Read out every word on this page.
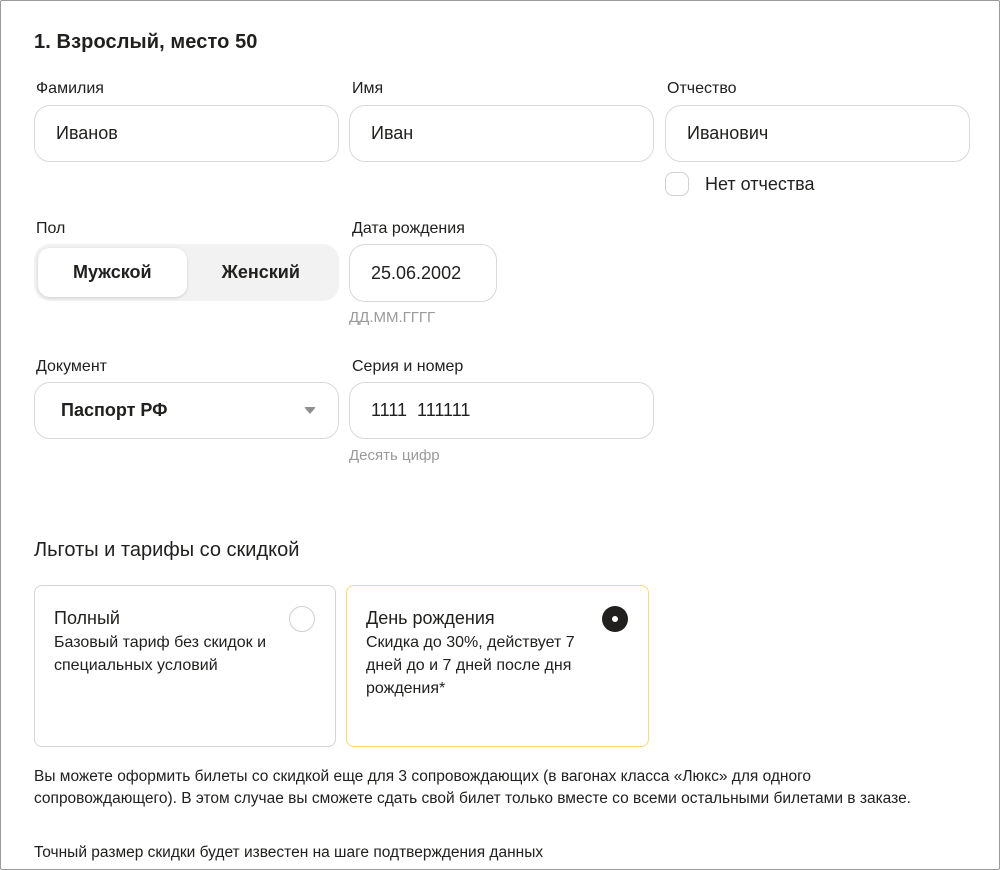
1. Взрослый, место 50
Фамилия
Иванов
Имя
Иван
Отчество
Иванович
Нет отчества
Пол
Мужской	Женский
Дата рождения
25.06.2002
ДД.ММ.ГГГГ
Документ
Паспорт РФ
Серия и номер
1111  111111
Десять цифр
Льготы и тарифы со скидкой
Полный
Базовый тариф без скидок и специальных условий
День рождения
Скидка до 30%, действует 7 дней до и 7 дней после дня рождения*
Вы можете оформить билеты со скидкой еще для 3 сопровождающих (в вагонах класса «Люкс» для одного сопровождающего). В этом случае вы сможете сдать свой билет только вместе со всеми остальными билетами в заказе.
Точный размер скидки будет известен на шаге подтверждения данных
